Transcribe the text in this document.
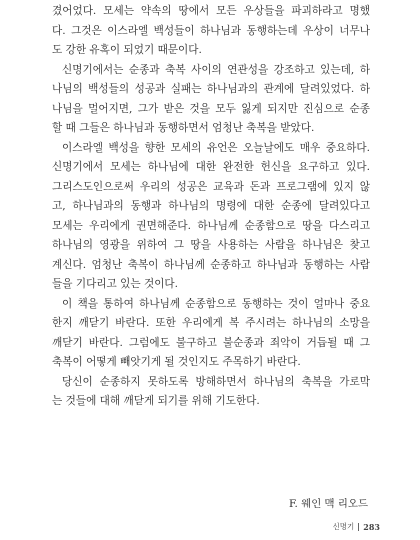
겼어었다. 모세는 약속의 땅에서 모든 우상들을 파괴하라고 명했
다. 그것은 이스라엘 백성들이 하나님과 동행하는데 우상이 너무나
도 강한 유혹이 되었기 때문이다.
신명기에서는 순종과 축복 사이의 연관성을 강조하고 있는데, 하
나님의 백성들의 성공과 실패는 하나님과의 관계에 달려있었다. 하
나님을 멀어지면, 그가 받은 것을 모두 잃게 되지만 진심으로 순종
할 때 그들은 하나님과 동행하면서 엄청난 축복을 받았다.
이스라엘 백성을 향한 모세의 유언은 오늘날에도 매우 중요하다.
신명기에서 모세는 하나님에 대한 완전한 헌신을 요구하고 있다.
그리스도인으로써 우리의 성공은 교육과 돈과 프로그램에 있지 않
고, 하나님과의 동행과 하나님의 명령에 대한 순종에 달려있다고
모세는 우리에게 권면해준다. 하나님께 순종함으로 땅을 다스리고
하나님의 영광을 위하여 그 땅을 사용하는 사람을 하나님은 찾고
계신다. 엄청난 축복이 하나님께 순종하고 하나님과 동행하는 사람
들을 기다리고 있는 것이다.
이 책을 통하여 하나님께 순종함으로 동행하는 것이 얼마나 중요
한지 깨닫기 바란다. 또한 우리에게 복 주시려는 하나님의 소망을
깨닫기 바란다. 그럼에도 불구하고 불순종과 죄악이 거듭될 때 그
축복이 어떻게 빼앗기게 될 것인지도 주목하기 바란다.
당신이 순종하지 못하도록 방해하면서 하나님의 축복을 가로막
는 것들에 대해 깨닫게 되기를 위해 기도한다.
F. 웨인 맥 리오드
신명기 283
